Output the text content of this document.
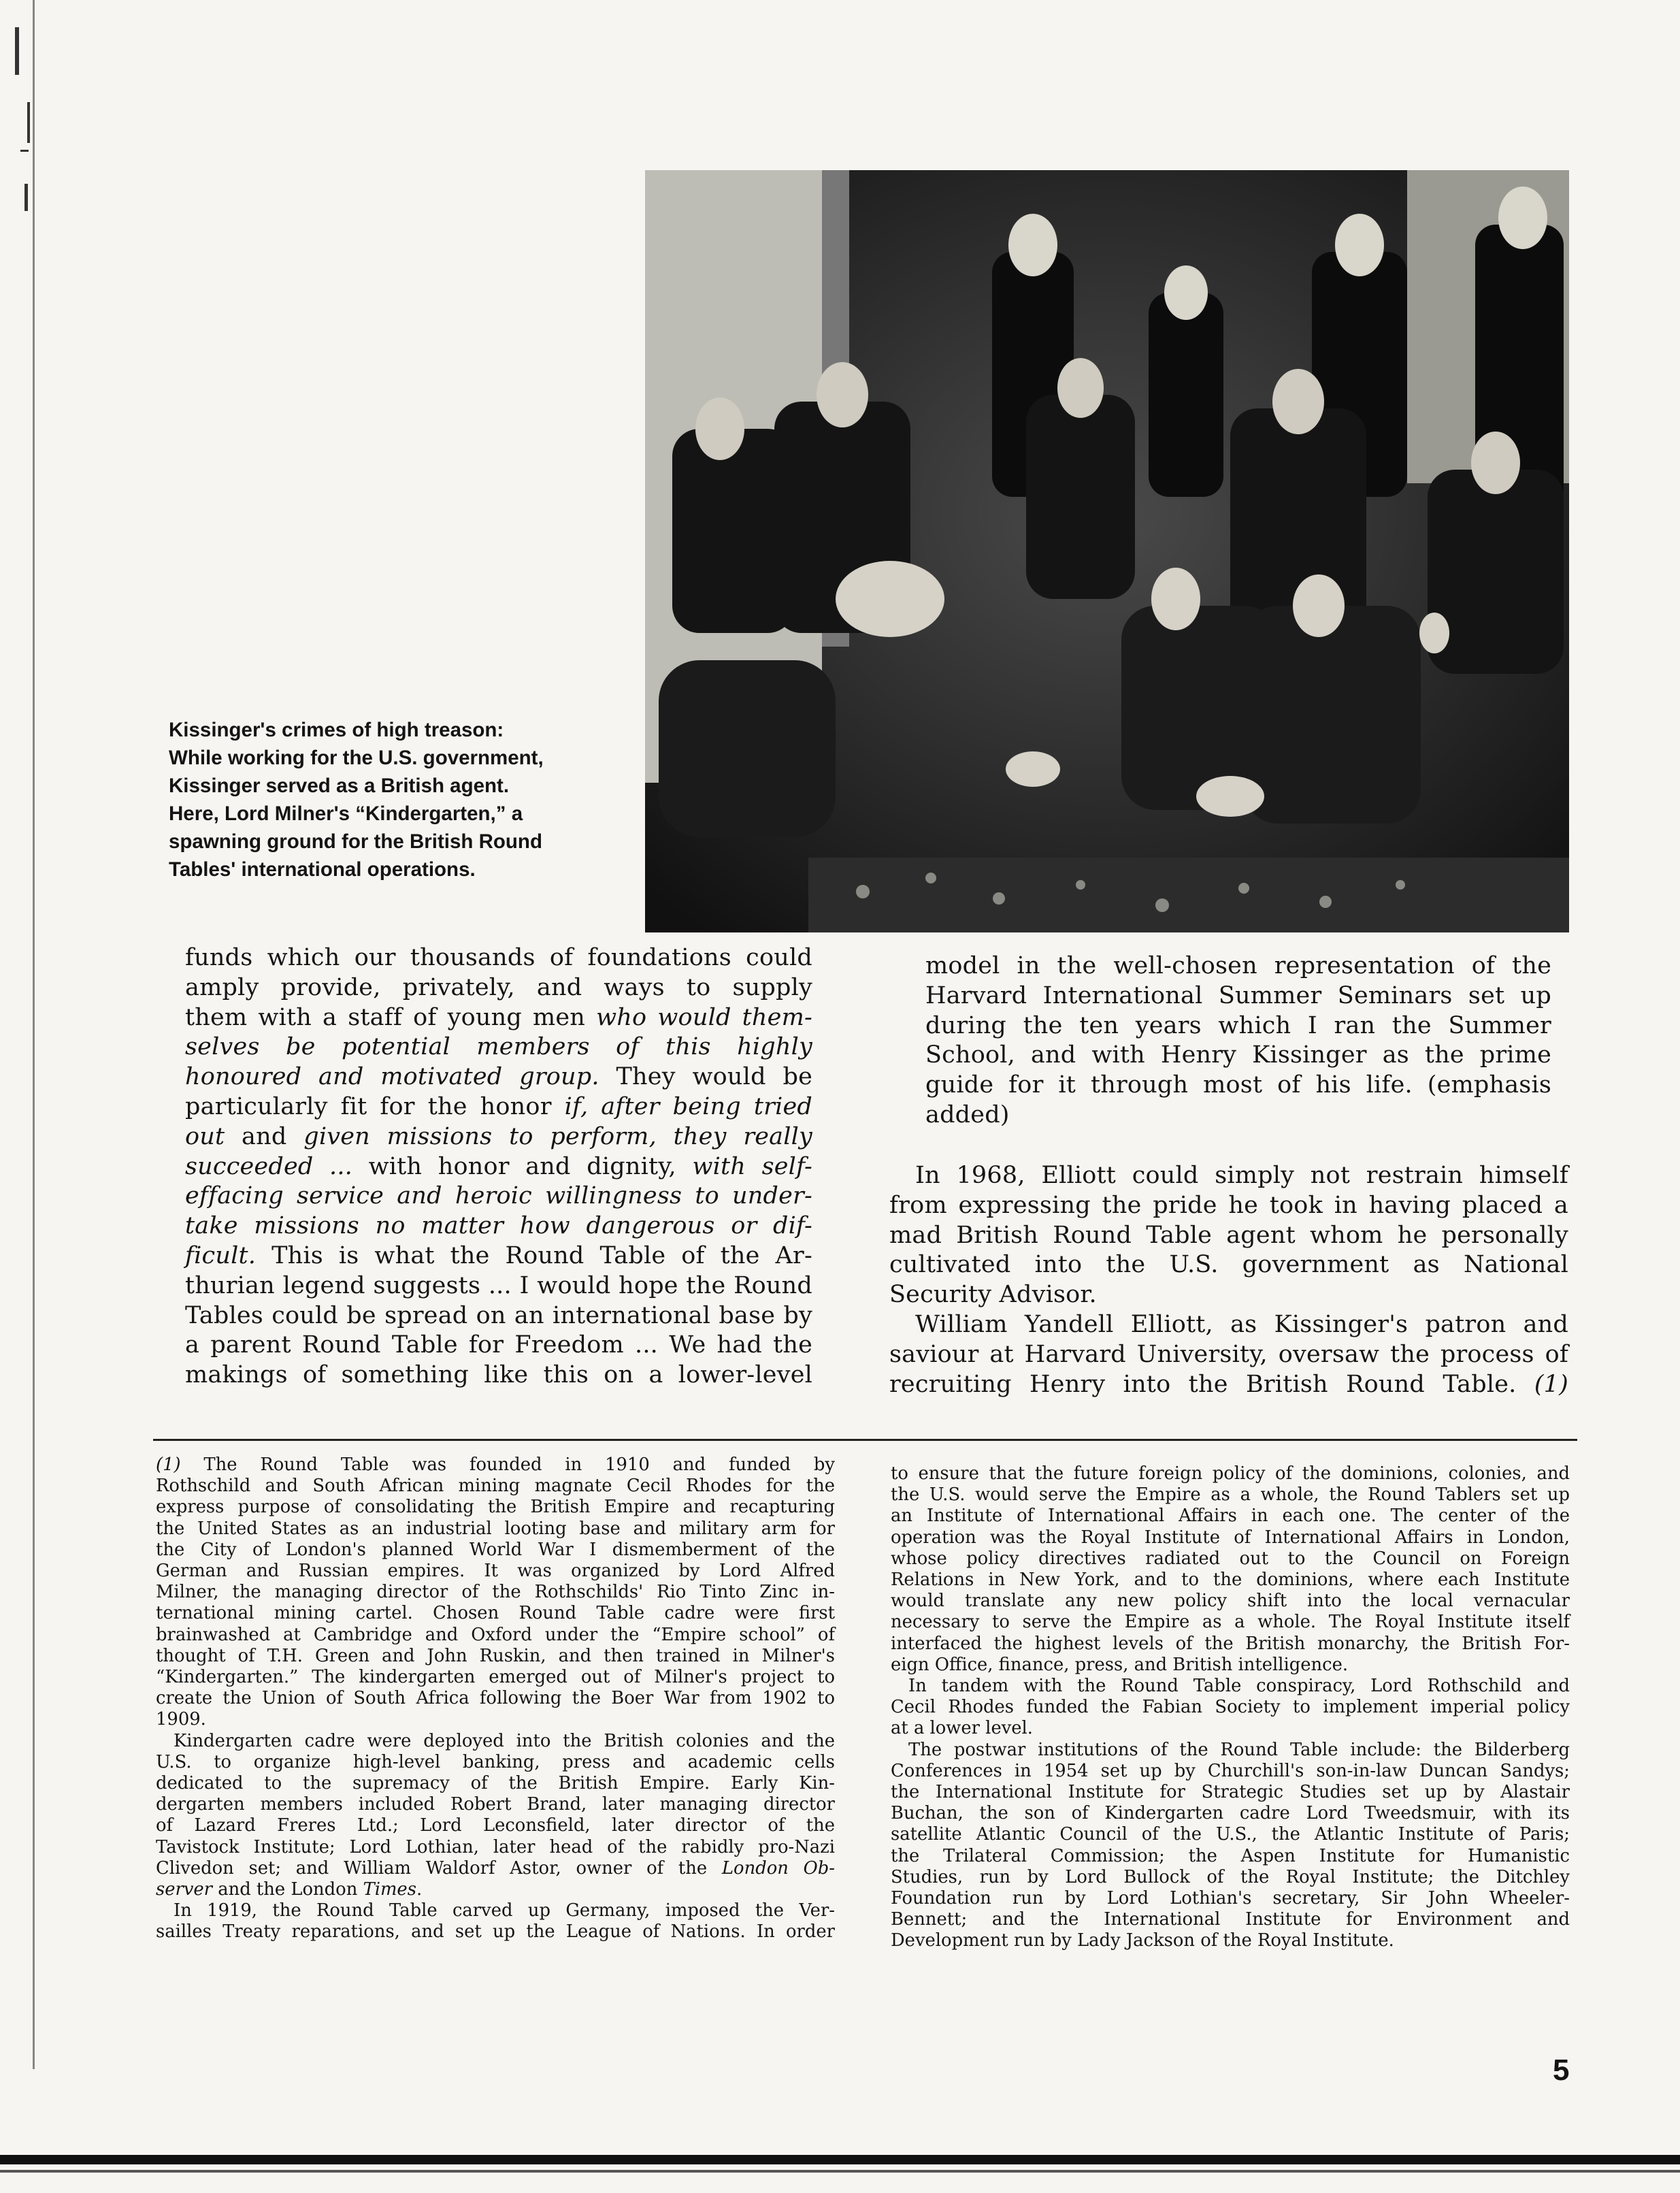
Kissinger's crimes of high treason:
While working for the U.S. government,
Kissinger served as a British agent.
Here, Lord Milner's “Kindergarten,” a
spawning ground for the British Round
Tables' international operations.
funds which our thousands of foundations could
amply provide, privately, and ways to supply
them with a staff of young men who would them-
selves be potential members of this highly
honoured and motivated group. They would be
particularly fit for the honor if, after being tried
out and given missions to perform, they really
succeeded ... with honor and dignity, with self-
effacing service and heroic willingness to under-
take missions no matter how dangerous or dif-
ficult. This is what the Round Table of the Ar-
thurian legend suggests ... I would hope the Round
Tables could be spread on an international base by
a parent Round Table for Freedom ... We had the
makings of something like this on a lower-level
model in the well-chosen representation of the
Harvard International Summer Seminars set up
during the ten years which I ran the Summer
School, and with Henry Kissinger as the prime
guide for it through most of his life. (emphasis
added)
In 1968, Elliott could simply not restrain himself
from expressing the pride he took in having placed a
mad British Round Table agent whom he personally
cultivated into the U.S. government as National
Security Advisor.
William Yandell Elliott, as Kissinger's patron and
saviour at Harvard University, oversaw the process of
recruiting Henry into the British Round Table. (1)
(1) The Round Table was founded in 1910 and funded by
Rothschild and South African mining magnate Cecil Rhodes for the
express purpose of consolidating the British Empire and recapturing
the United States as an industrial looting base and military arm for
the City of London's planned World War I dismemberment of the
German and Russian empires. It was organized by Lord Alfred
Milner, the managing director of the Rothschilds' Rio Tinto Zinc in-
ternational mining cartel. Chosen Round Table cadre were first
brainwashed at Cambridge and Oxford under the “Empire school” of
thought of T.H. Green and John Ruskin, and then trained in Milner's
“Kindergarten.” The kindergarten emerged out of Milner's project to
create the Union of South Africa following the Boer War from 1902 to
1909.
Kindergarten cadre were deployed into the British colonies and the
U.S. to organize high-level banking, press and academic cells
dedicated to the supremacy of the British Empire. Early Kin-
dergarten members included Robert Brand, later managing director
of Lazard Freres Ltd.; Lord Leconsfield, later director of the
Tavistock Institute; Lord Lothian, later head of the rabidly pro-Nazi
Clivedon set; and William Waldorf Astor, owner of the London Ob-
server and the London Times.
In 1919, the Round Table carved up Germany, imposed the Ver-
sailles Treaty reparations, and set up the League of Nations. In order
to ensure that the future foreign policy of the dominions, colonies, and
the U.S. would serve the Empire as a whole, the Round Tablers set up
an Institute of International Affairs in each one. The center of the
operation was the Royal Institute of International Affairs in London,
whose policy directives radiated out to the Council on Foreign
Relations in New York, and to the dominions, where each Institute
would translate any new policy shift into the local vernacular
necessary to serve the Empire as a whole. The Royal Institute itself
interfaced the highest levels of the British monarchy, the British For-
eign Office, finance, press, and British intelligence.
In tandem with the Round Table conspiracy, Lord Rothschild and
Cecil Rhodes funded the Fabian Society to implement imperial policy
at a lower level.
The postwar institutions of the Round Table include: the Bilderberg
Conferences in 1954 set up by Churchill's son-in-law Duncan Sandys;
the International Institute for Strategic Studies set up by Alastair
Buchan, the son of Kindergarten cadre Lord Tweedsmuir, with its
satellite Atlantic Council of the U.S., the Atlantic Institute of Paris;
the Trilateral Commission; the Aspen Institute for Humanistic
Studies, run by Lord Bullock of the Royal Institute; the Ditchley
Foundation run by Lord Lothian's secretary, Sir John Wheeler-
Bennett; and the International Institute for Environment and
Development run by Lady Jackson of the Royal Institute.
5
